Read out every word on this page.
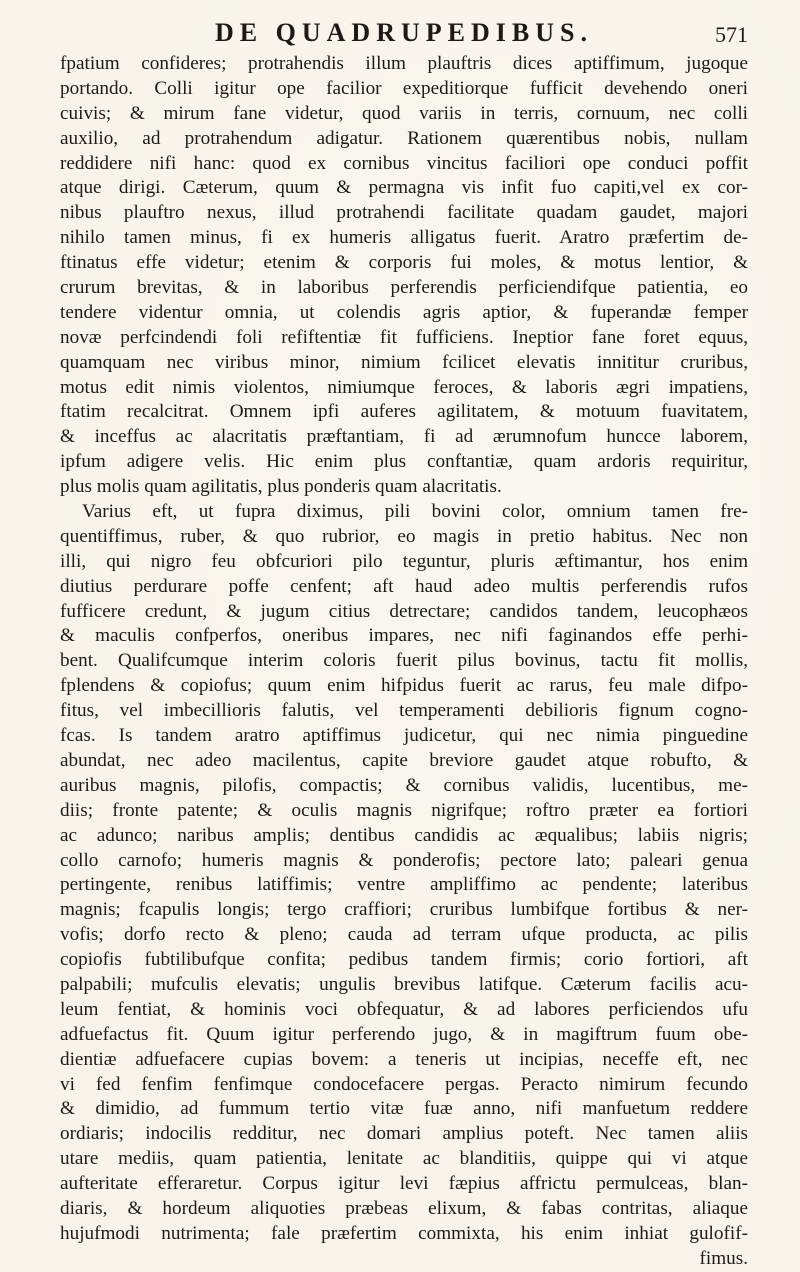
DE QUADRUPEDIBUS.	571
fpatium confideres; protrahendis illum plauftris dices aptiffimum, jugoque
portando. Colli igitur ope facilior expeditiorque fufficit devehendo oneri
cuivis; & mirum fane videtur, quod variis in terris, cornuum, nec colli
auxilio, ad protrahendum adigatur. Rationem quærentibus nobis, nullam
reddidere nifi hanc: quod ex cornibus vincitus faciliori ope conduci poffit
atque dirigi. Cæterum, quum & permagna vis infit fuo capiti,vel ex cor-
nibus plauftro nexus, illud protrahendi facilitate quadam gaudet, majori
nihilo tamen minus, fi ex humeris alligatus fuerit. Aratro præfertim de-
ftinatus effe videtur; etenim & corporis fui moles, & motus lentior, &
crurum brevitas, & in laboribus perferendis perficiendifque patientia, eo
tendere videntur omnia, ut colendis agris aptior, & fuperandæ femper
novæ perfcindendi foli refiftentiæ fit fufficiens. Ineptior fane foret equus,
quamquam nec viribus minor, nimium fcilicet elevatis innititur cruribus,
motus edit nimis violentos, nimiumque feroces, & laboris ægri impatiens,
ftatim recalcitrat. Omnem ipfi auferes agilitatem, & motuum fuavitatem,
& inceffus ac alacritatis præftantiam, fi ad ærumnofum huncce laborem,
ipfum adigere velis. Hic enim plus conftantiæ, quam ardoris requiritur,
plus molis quam agilitatis, plus ponderis quam alacritatis.
Varius eft, ut fupra diximus, pili bovini color, omnium tamen fre-
quentiffimus, ruber, & quo rubrior, eo magis in pretio habitus. Nec non
illi, qui nigro feu obfcuriori pilo teguntur, pluris æftimantur, hos enim
diutius perdurare poffe cenfent; aft haud adeo multis perferendis rufos
fufficere credunt, & jugum citius detrectare; candidos tandem, leucophæos
& maculis confperfos, oneribus impares, nec nifi faginandos effe perhi-
bent. Qualifcumque interim coloris fuerit pilus bovinus, tactu fit mollis,
fplendens & copiofus; quum enim hifpidus fuerit ac rarus, feu male difpo-
fitus, vel imbecillioris falutis, vel temperamenti debilioris fignum cogno-
fcas. Is tandem aratro aptiffimus judicetur, qui nec nimia pinguedine
abundat, nec adeo macilentus, capite breviore gaudet atque robufto, &
auribus magnis, pilofis, compactis; & cornibus validis, lucentibus, me-
diis; fronte patente; & oculis magnis nigrifque; roftro præter ea fortiori
ac adunco; naribus amplis; dentibus candidis ac æqualibus; labiis nigris;
collo carnofo; humeris magnis & ponderofis; pectore lato; paleari genua
pertingente, renibus latiffimis; ventre ampliffimo ac pendente; lateribus
magnis; fcapulis longis; tergo craffiori; cruribus lumbifque fortibus & ner-
vofis; dorfo recto & pleno; cauda ad terram ufque producta, ac pilis
copiofis fubtilibufque confita; pedibus tandem firmis; corio fortiori, aft
palpabili; mufculis elevatis; ungulis brevibus latifque. Cæterum facilis acu-
leum fentiat, & hominis voci obfequatur, & ad labores perficiendos ufu
adfuefactus fit. Quum igitur perferendo jugo, & in magiftrum fuum obe-
dientiæ adfuefacere cupias bovem: a teneris ut incipias, neceffe eft, nec
vi fed fenfim fenfimque condocefacere pergas. Peracto nimirum fecundo
& dimidio, ad fummum tertio vitæ fuæ anno, nifi manfuetum reddere
ordiaris; indocilis redditur, nec domari amplius poteft. Nec tamen aliis
utare mediis, quam patientia, lenitate ac blanditiis, quippe qui vi atque
aufteritate efferaretur. Corpus igitur levi fæpius affrictu permulceas, blan-
diaris, & hordeum aliquoties præbeas elixum, & fabas contritas, aliaque
hujufmodi nutrimenta; fale præfertim commixta, his enim inhiat gulofif-
fimus.
